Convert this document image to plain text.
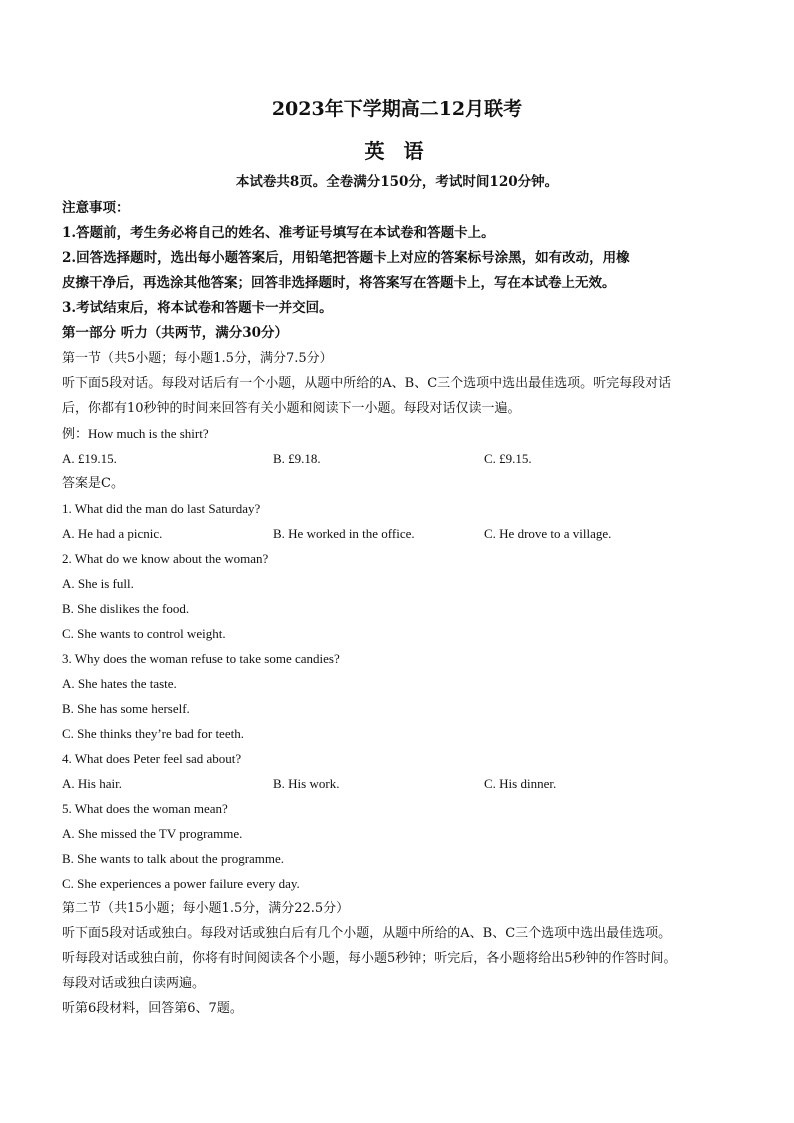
2023年下学期高二12月联考
英 语
本试卷共8页。全卷满分150分，考试时间120分钟。
注意事项：
1.答题前，考生务必将自己的姓名、准考证号填写在本试卷和答题卡上。
2.回答选择题时，选出每小题答案后，用铅笔把答题卡上对应的答案标号涂黑，如有改动，用橡
皮擦干净后，再选涂其他答案；回答非选择题时，将答案写在答题卡上，写在本试卷上无效。
3.考试结束后，将本试卷和答题卡一并交回。
第一部分 听力（共两节，满分30分）
第一节（共5小题；每小题1.5分，满分7.5分）
听下面5段对话。每段对话后有一个小题，从题中所给的A、B、C三个选项中选出最佳选项。听完每段对话
后，你都有10秒钟的时间来回答有关小题和阅读下一小题。每段对话仅读一遍。
例：How much is the shirt?
A. £19.15.	B. £9.18.	C. £9.15.
答案是C。
1. What did the man do last Saturday?
A. He had a picnic.	B. He worked in the office.	C. He drove to a village.
2. What do we know about the woman?
A. She is full.
B. She dislikes the food.
C. She wants to control weight.
3. Why does the woman refuse to take some candies?
A. She hates the taste.
B. She has some herself.
C. She thinks they’re bad for teeth.
4. What does Peter feel sad about?
A. His hair.	B. His work.	C. His dinner.
5. What does the woman mean?
A. She missed the TV programme.
B. She wants to talk about the programme.
C. She experiences a power failure every day.
第二节（共15小题；每小题1.5分，满分22.5分）
听下面5段对话或独白。每段对话或独白后有几个小题，从题中所给的A、B、C三个选项中选出最佳选项。
听每段对话或独白前，你将有时间阅读各个小题，每小题5秒钟；听完后，各小题将给出5秒钟的作答时间。
每段对话或独白读两遍。
听第6段材料，回答第6、7题。
